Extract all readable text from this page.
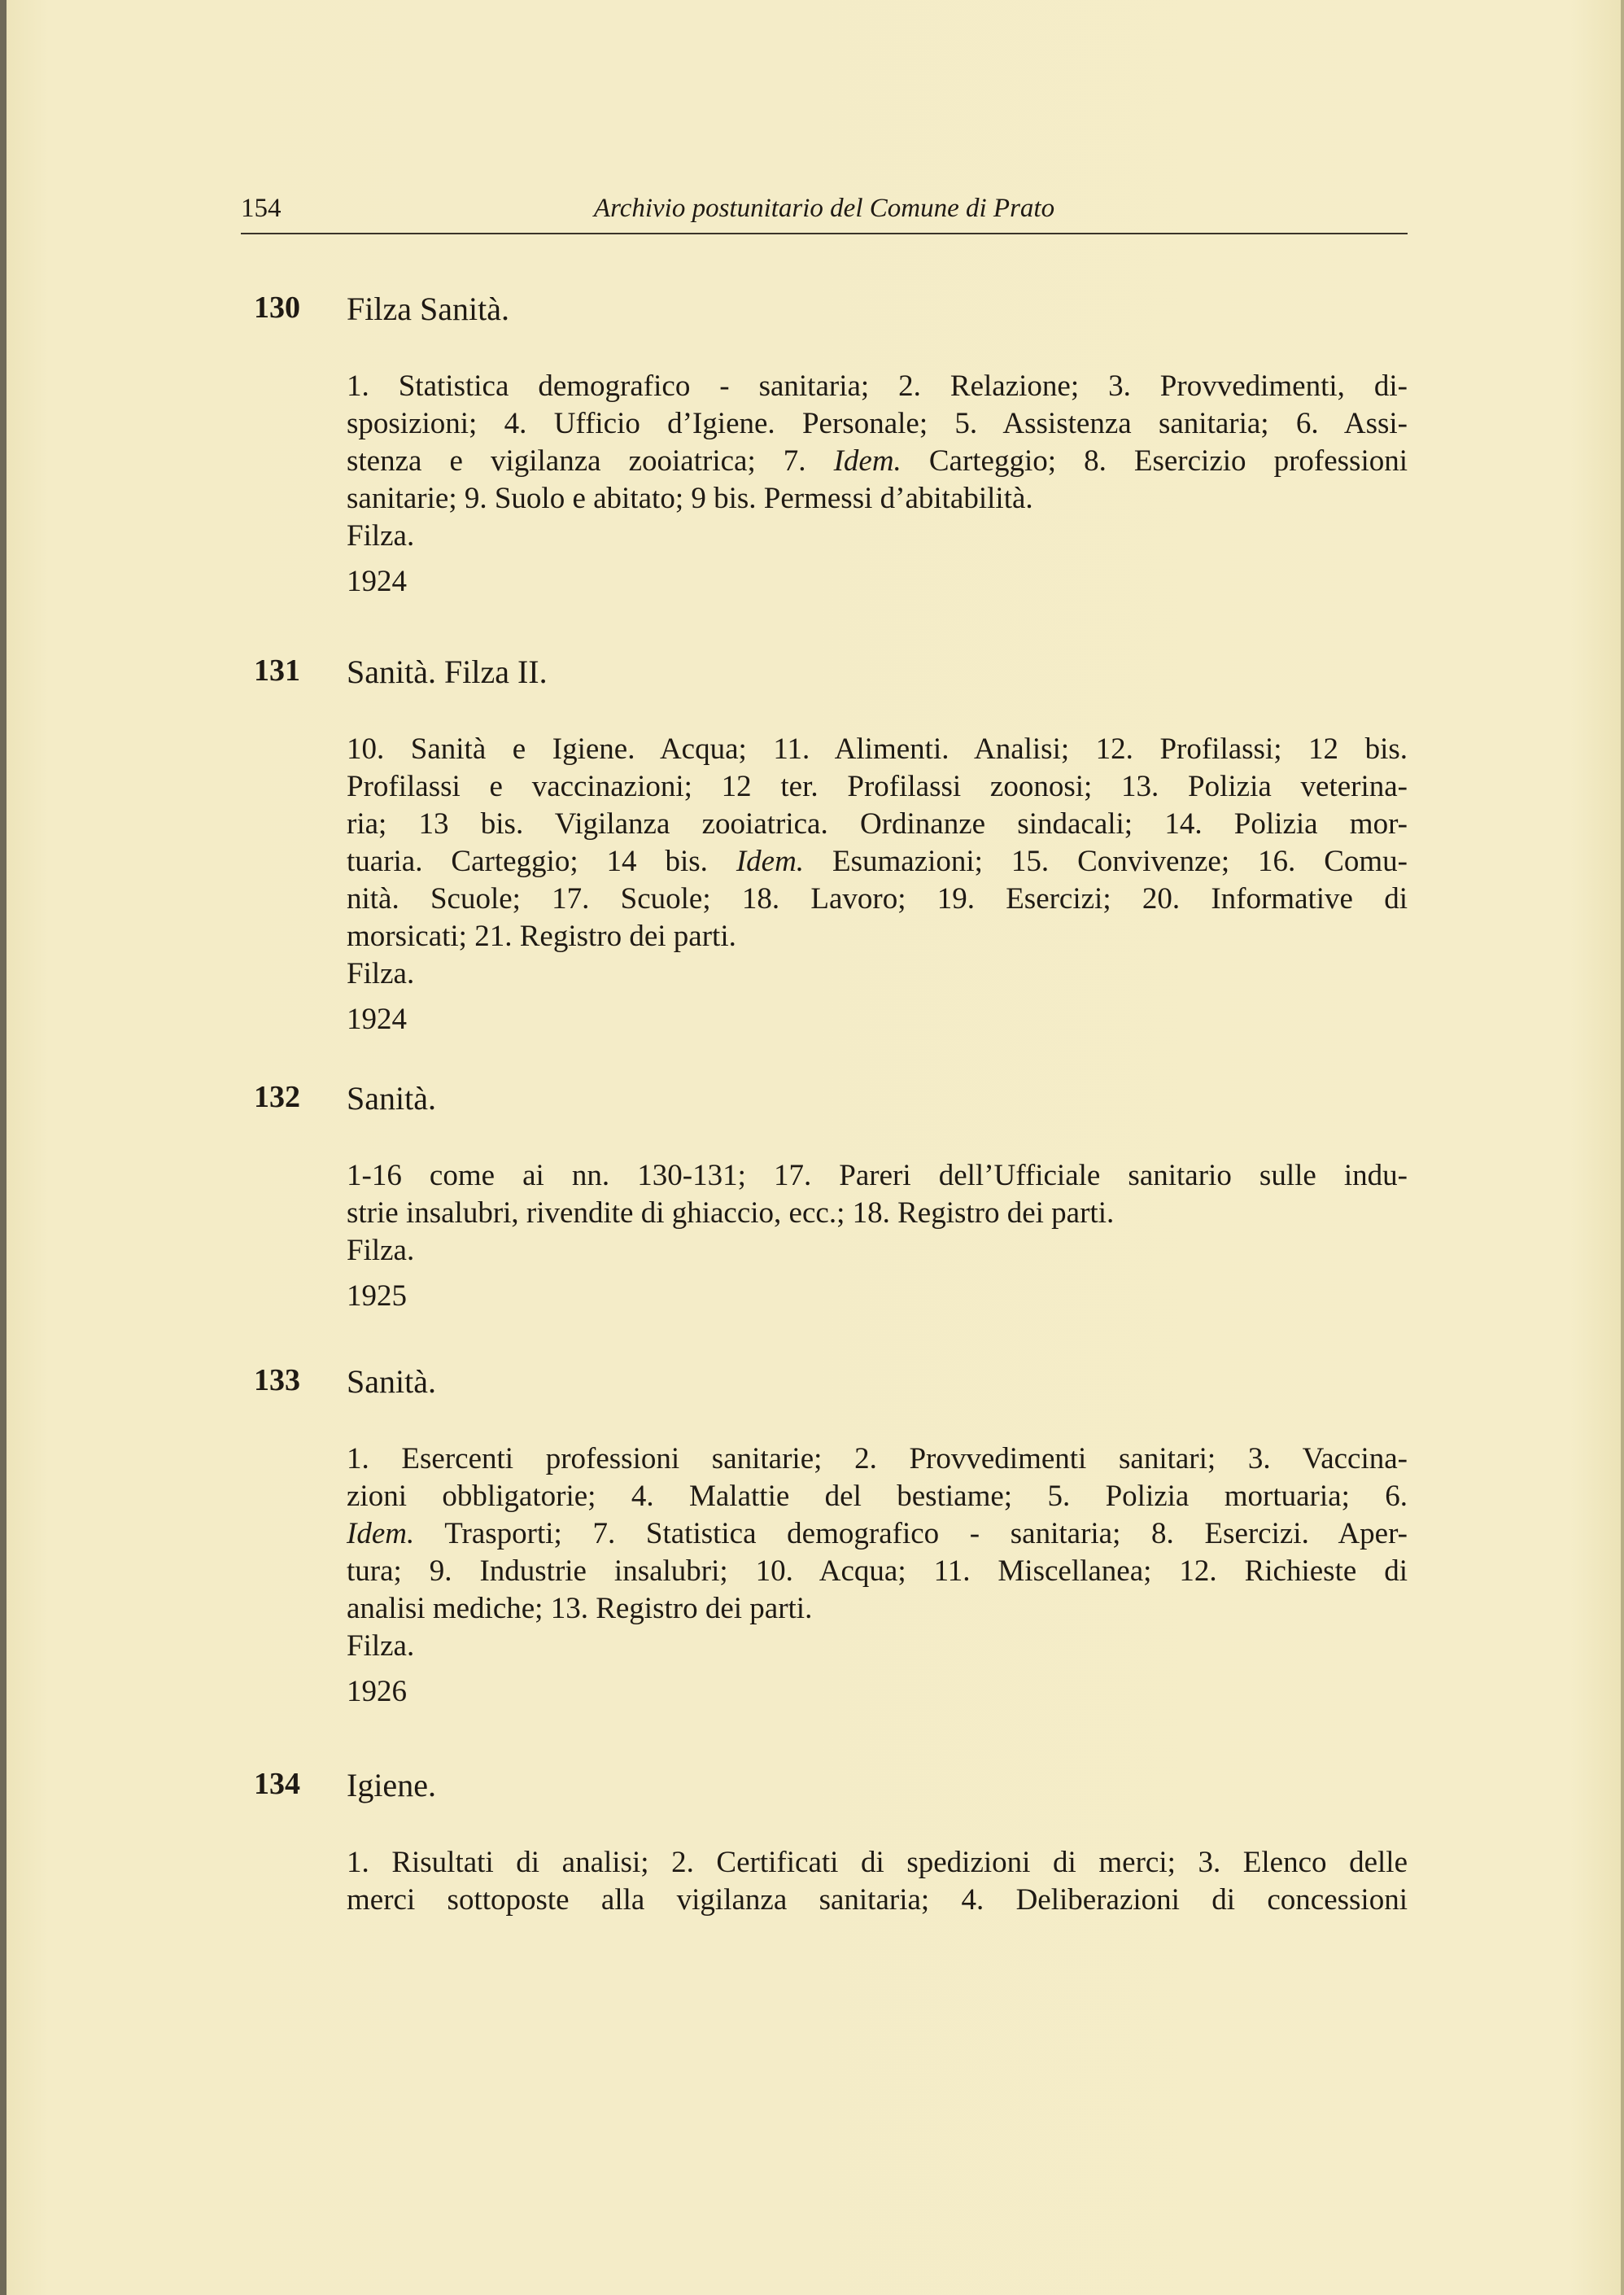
154	Archivio postunitario del Comune di Prato
130 Filza Sanità.
1. Statistica demografico - sanitaria; 2. Relazione; 3. Provvedimenti, di-
sposizioni; 4. Ufficio d’Igiene. Personale; 5. Assistenza sanitaria; 6. Assi-
stenza e vigilanza zooiatrica; 7. Idem. Carteggio; 8. Esercizio professioni
sanitarie; 9. Suolo e abitato; 9 bis. Permessi d’abitabilità.
Filza.
1924
131 Sanità. Filza II.
10. Sanità e Igiene. Acqua; 11. Alimenti. Analisi; 12. Profilassi; 12 bis.
Profilassi e vaccinazioni; 12 ter. Profilassi zoonosi; 13. Polizia veterina-
ria; 13 bis. Vigilanza zooiatrica. Ordinanze sindacali; 14. Polizia mor-
tuaria. Carteggio; 14 bis. Idem. Esumazioni; 15. Convivenze; 16. Comu-
nità. Scuole; 17. Scuole; 18. Lavoro; 19. Esercizi; 20. Informative di
morsicati; 21. Registro dei parti.
Filza.
1924
132 Sanità.
1-16 come ai nn. 130-131; 17. Pareri dell’Ufficiale sanitario sulle indu-
strie insalubri, rivendite di ghiaccio, ecc.; 18. Registro dei parti.
Filza.
1925
133 Sanità.
1. Esercenti professioni sanitarie; 2. Provvedimenti sanitari; 3. Vaccina-
zioni obbligatorie; 4. Malattie del bestiame; 5. Polizia mortuaria; 6.
Idem. Trasporti; 7. Statistica demografico - sanitaria; 8. Esercizi. Aper-
tura; 9. Industrie insalubri; 10. Acqua; 11. Miscellanea; 12. Richieste di
analisi mediche; 13. Registro dei parti.
Filza.
1926
134 Igiene.
1. Risultati di analisi; 2. Certificati di spedizioni di merci; 3. Elenco delle
merci sottoposte alla vigilanza sanitaria; 4. Deliberazioni di concessioni
